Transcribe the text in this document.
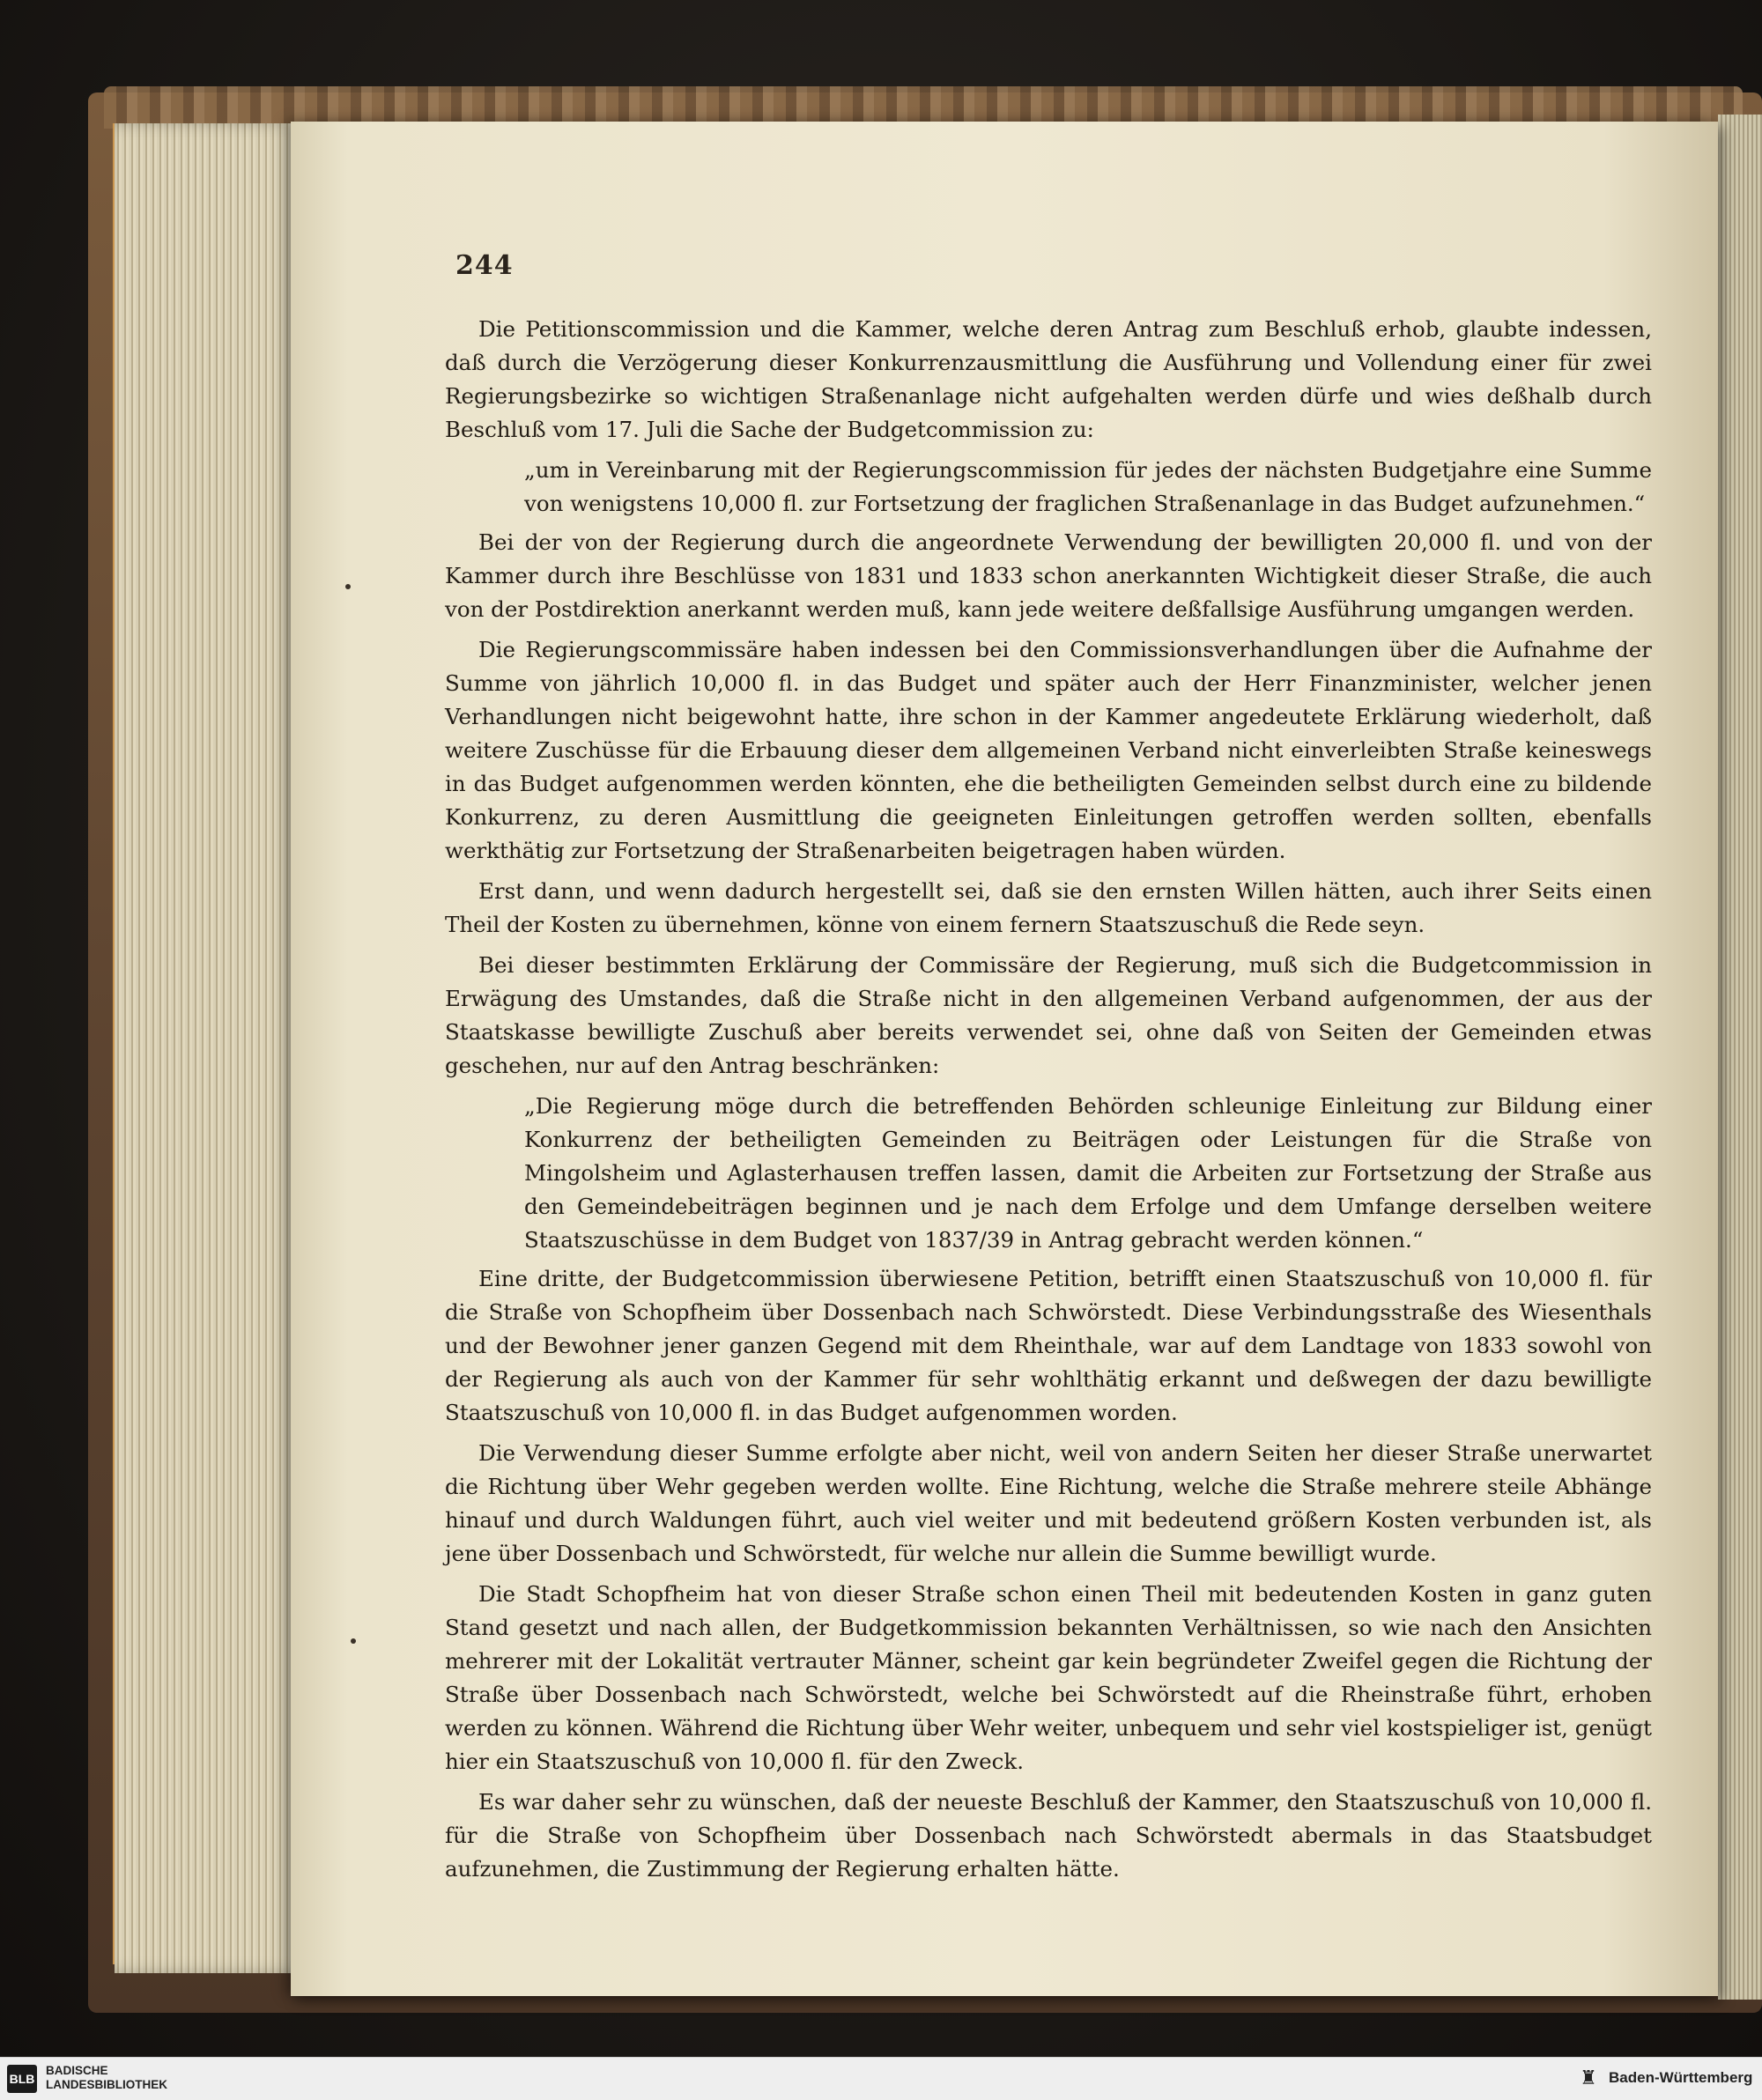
244

Die Petitionscommission und die Kammer, welche deren Antrag zum Beschluß erhob, glaubte indessen, daß durch die Verzögerung dieser Konkurrenzausmittlung die Ausführung und Vollendung einer für zwei Regierungsbezirke so wichtigen Straßenanlage nicht aufgehalten werden dürfe und wies deßhalb durch Beschluß vom 17. Juli die Sache der Budgetcommission zu:

„um in Vereinbarung mit der Regierungscommission für jedes der nächsten Budgetjahre eine Summe von wenigstens 10,000 fl. zur Fortsetzung der fraglichen Straßenanlage in das Budget aufzunehmen.“

Bei der von der Regierung durch die angeordnete Verwendung der bewilligten 20,000 fl. und von der Kammer durch ihre Beschlüsse von 1831 und 1833 schon anerkannten Wichtigkeit dieser Straße, die auch von der Postdirektion anerkannt werden muß, kann jede weitere deßfallsige Ausführung umgangen werden.

Die Regierungscommissäre haben indessen bei den Commissionsverhandlungen über die Aufnahme der Summe von jährlich 10,000 fl. in das Budget und später auch der Herr Finanzminister, welcher jenen Verhandlungen nicht beigewohnt hatte, ihre schon in der Kammer angedeutete Erklärung wiederholt, daß weitere Zuschüsse für die Erbauung dieser dem allgemeinen Verband nicht einverleibten Straße keineswegs in das Budget aufgenommen werden könnten, ehe die betheiligten Gemeinden selbst durch eine zu bildende Konkurrenz, zu deren Ausmittlung die geeigneten Einleitungen getroffen werden sollten, ebenfalls werkthätig zur Fortsetzung der Straßenarbeiten beigetragen haben würden.

Erst dann, und wenn dadurch hergestellt sei, daß sie den ernsten Willen hätten, auch ihrer Seits einen Theil der Kosten zu übernehmen, könne von einem fernern Staatszuschuß die Rede seyn.

Bei dieser bestimmten Erklärung der Commissäre der Regierung, muß sich die Budgetcommission in Erwägung des Umstandes, daß die Straße nicht in den allgemeinen Verband aufgenommen, der aus der Staatskasse bewilligte Zuschuß aber bereits verwendet sei, ohne daß von Seiten der Gemeinden etwas geschehen, nur auf den Antrag beschränken:

„Die Regierung möge durch die betreffenden Behörden schleunige Einleitung zur Bildung einer Konkurrenz der betheiligten Gemeinden zu Beiträgen oder Leistungen für die Straße von Mingolsheim und Aglasterhausen treffen lassen, damit die Arbeiten zur Fortsetzung der Straße aus den Gemeindebeiträgen beginnen und je nach dem Erfolge und dem Umfange derselben weitere Staatszuschüsse in dem Budget von 1837/39 in Antrag gebracht werden können.“

Eine dritte, der Budgetcommission überwiesene Petition, betrifft einen Staatszuschuß von 10,000 fl. für die Straße von Schopfheim über Dossenbach nach Schwörstedt. Diese Verbindungsstraße des Wiesenthals und der Bewohner jener ganzen Gegend mit dem Rheinthale, war auf dem Landtage von 1833 sowohl von der Regierung als auch von der Kammer für sehr wohlthätig erkannt und deßwegen der dazu bewilligte Staatszuschuß von 10,000 fl. in das Budget aufgenommen worden.

Die Verwendung dieser Summe erfolgte aber nicht, weil von andern Seiten her dieser Straße unerwartet die Richtung über Wehr gegeben werden wollte. Eine Richtung, welche die Straße mehrere steile Abhänge hinauf und durch Waldungen führt, auch viel weiter und mit bedeutend größern Kosten verbunden ist, als jene über Dossenbach und Schwörstedt, für welche nur allein die Summe bewilligt wurde.

Die Stadt Schopfheim hat von dieser Straße schon einen Theil mit bedeutenden Kosten in ganz guten Stand gesetzt und nach allen, der Budgetkommission bekannten Verhältnissen, so wie nach den Ansichten mehrerer mit der Lokalität vertrauter Männer, scheint gar kein begründeter Zweifel gegen die Richtung der Straße über Dossenbach nach Schwörstedt, welche bei Schwörstedt auf die Rheinstraße führt, erhoben werden zu können. Während die Richtung über Wehr weiter, unbequem und sehr viel kostspieliger ist, genügt hier ein Staatszuschuß von 10,000 fl. für den Zweck.

Es war daher sehr zu wünschen, daß der neueste Beschluß der Kammer, den Staatszuschuß von 10,000 fl. für die Straße von Schopfheim über Dossenbach nach Schwörstedt abermals in das Staatsbudget aufzunehmen, die Zustimmung der Regierung erhalten hätte.

BLB
BADISCHE
LANDESBIBLIOTHEK	♜ Baden-Württemberg
